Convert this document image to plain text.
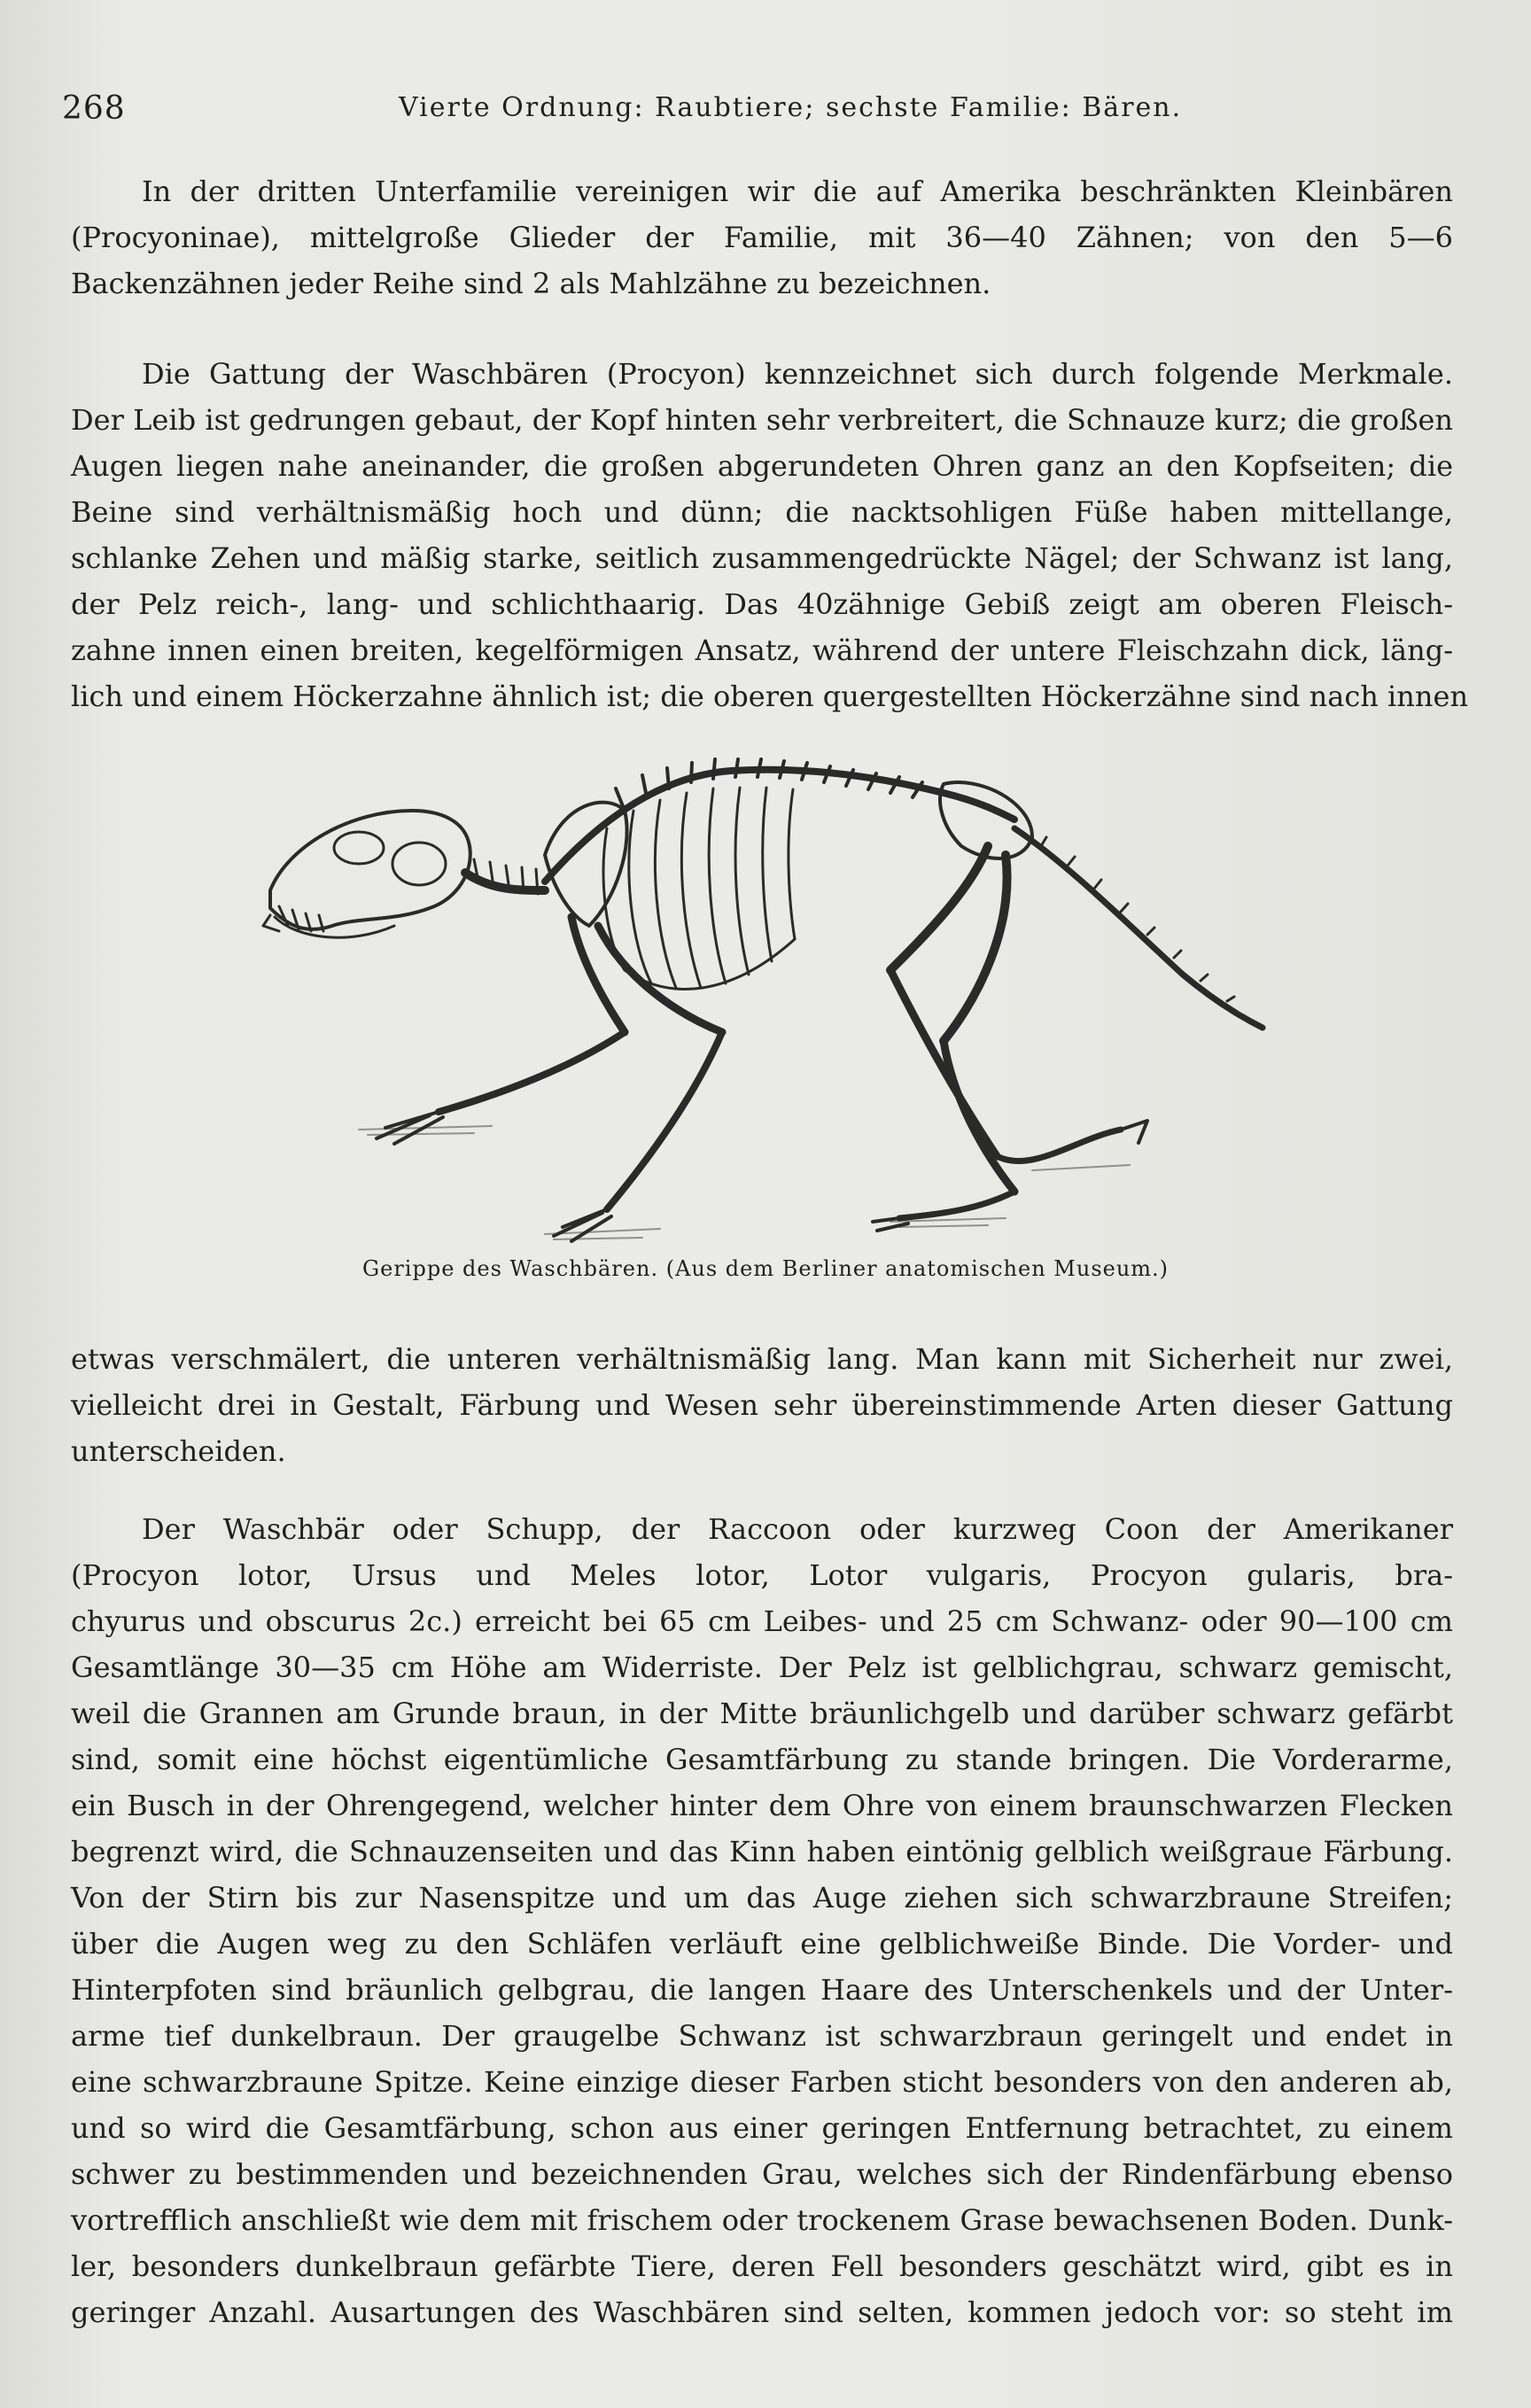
268	Vierte Ordnung: Raubtiere; sechste Familie: Bären.

In der dritten Unterfamilie vereinigen wir die auf Amerika beschränkten Kleinbären
(Procyoninae), mittelgroße Glieder der Familie, mit 36—40 Zähnen; von den 5—6
Backenzähnen jeder Reihe sind 2 als Mahlzähne zu bezeichnen.

Die Gattung der Waschbären (Procyon) kennzeichnet sich durch folgende Merkmale.
Der Leib ist gedrungen gebaut, der Kopf hinten sehr verbreitert, die Schnauze kurz; die großen
Augen liegen nahe aneinander, die großen abgerundeten Ohren ganz an den Kopfseiten; die
Beine sind verhältnismäßig hoch und dünn; die nacktsohligen Füße haben mittellange,
schlanke Zehen und mäßig starke, seitlich zusammengedrückte Nägel; der Schwanz ist lang,
der Pelz reich-, lang- und schlichthaarig. Das 40zähnige Gebiß zeigt am oberen Fleisch-
zahne innen einen breiten, kegelförmigen Ansatz, während der untere Fleischzahn dick, läng-
lich und einem Höckerzahne ähnlich ist; die oberen quergestellten Höckerzähne sind nach innen

Gerippe des Waschbären. (Aus dem Berliner anatomischen Museum.)

etwas verschmälert, die unteren verhältnismäßig lang. Man kann mit Sicherheit nur zwei,
vielleicht drei in Gestalt, Färbung und Wesen sehr übereinstimmende Arten dieser Gattung
unterscheiden.

Der Waschbär oder Schupp, der Raccoon oder kurzweg Coon der Amerikaner
(Procyon lotor, Ursus und Meles lotor, Lotor vulgaris, Procyon gularis, bra-
chyurus und obscurus 2c.) erreicht bei 65 cm Leibes- und 25 cm Schwanz- oder 90—100 cm
Gesamtlänge 30—35 cm Höhe am Widerriste. Der Pelz ist gelblichgrau, schwarz gemischt,
weil die Grannen am Grunde braun, in der Mitte bräunlichgelb und darüber schwarz gefärbt
sind, somit eine höchst eigentümliche Gesamtfärbung zu stande bringen. Die Vorderarme,
ein Busch in der Ohrengegend, welcher hinter dem Ohre von einem braunschwarzen Flecken
begrenzt wird, die Schnauzenseiten und das Kinn haben eintönig gelblich weißgraue Färbung.
Von der Stirn bis zur Nasenspitze und um das Auge ziehen sich schwarzbraune Streifen;
über die Augen weg zu den Schläfen verläuft eine gelblichweiße Binde. Die Vorder- und
Hinterpfoten sind bräunlich gelbgrau, die langen Haare des Unterschenkels und der Unter-
arme tief dunkelbraun. Der graugelbe Schwanz ist schwarzbraun geringelt und endet in
eine schwarzbraune Spitze. Keine einzige dieser Farben sticht besonders von den anderen ab,
und so wird die Gesamtfärbung, schon aus einer geringen Entfernung betrachtet, zu einem
schwer zu bestimmenden und bezeichnenden Grau, welches sich der Rindenfärbung ebenso
vortrefflich anschließt wie dem mit frischem oder trockenem Grase bewachsenen Boden. Dunk-
ler, besonders dunkelbraun gefärbte Tiere, deren Fell besonders geschätzt wird, gibt es in
geringer Anzahl. Ausartungen des Waschbären sind selten, kommen jedoch vor: so steht im
